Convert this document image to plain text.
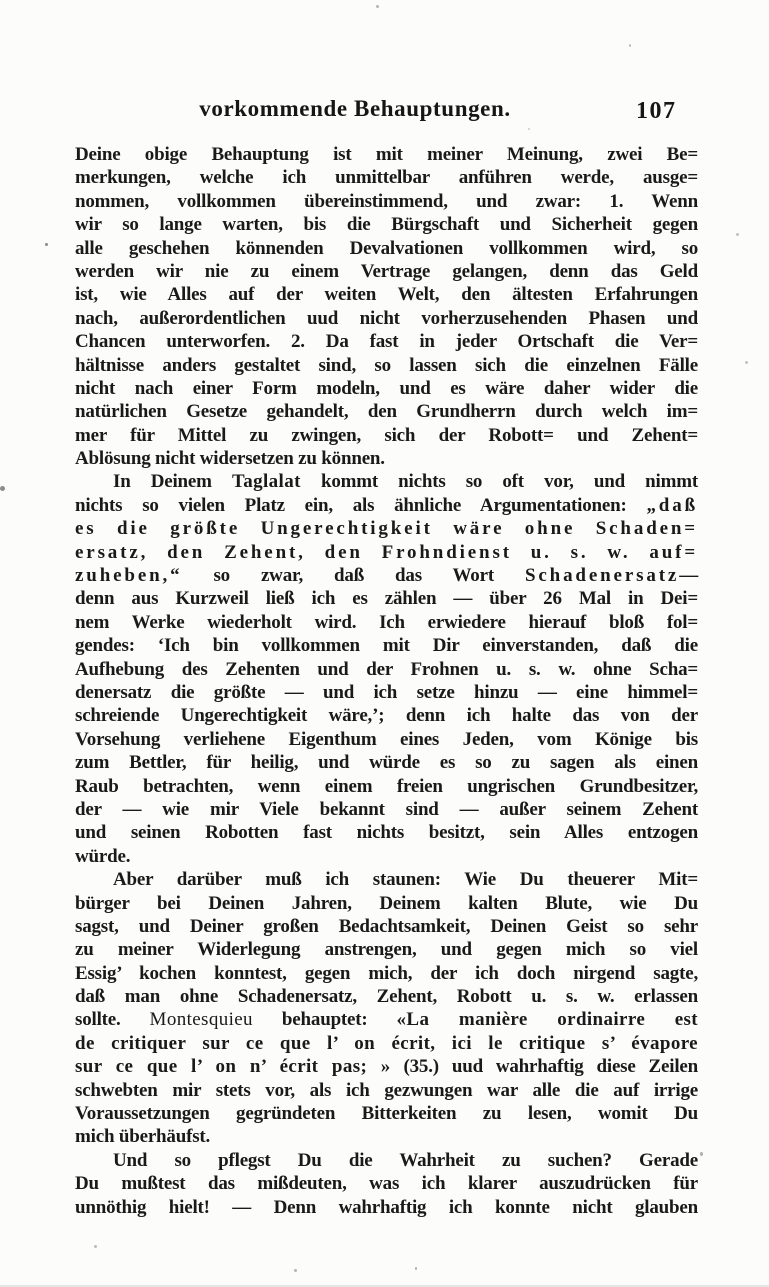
vorkommende Behauptungen.	107
Deine obige Behauptung ist mit meiner Meinung, zwei Be=
merkungen, welche ich unmittelbar anführen werde, ausge=
nommen, vollkommen übereinstimmend, und zwar: 1. Wenn
wir so lange warten, bis die Bürgschaft und Sicherheit gegen
alle geschehen könnenden Devalvationen vollkommen wird, so
werden wir nie zu einem Vertrage gelangen, denn das Geld
ist, wie Alles auf der weiten Welt, den ältesten Erfahrungen
nach, außerordentlichen uud nicht vorherzusehenden Phasen und
Chancen unterworfen. 2. Da fast in jeder Ortschaft die Ver=
hältnisse anders gestaltet sind, so lassen sich die einzelnen Fälle
nicht nach einer Form modeln, und es wäre daher wider die
natürlichen Gesetze gehandelt, den Grundherrn durch welch im=
mer für Mittel zu zwingen, sich der Robott= und Zehent=
Ablösung nicht widersetzen zu können.
In Deinem Taglalat kommt nichts so oft vor, und nimmt
nichts so vielen Platz ein, als ähnliche Argumentationen: „daß
es die größte Ungerechtigkeit wäre ohne Schaden=
ersatz, den Zehent, den Frohndienst u. s. w. auf=
zuheben,“ so zwar, daß das Wort Schadenersatz—
denn aus Kurzweil ließ ich es zählen — über 26 Mal in Dei=
nem Werke wiederholt wird. Ich erwiedere hierauf bloß fol=
gendes: ‘Ich bin vollkommen mit Dir einverstanden, daß die
Aufhebung des Zehenten und der Frohnen u. s. w. ohne Scha=
denersatz die größte — und ich setze hinzu — eine himmel=
schreiende Ungerechtigkeit wäre,’; denn ich halte das von der
Vorsehung verliehene Eigenthum eines Jeden, vom Könige bis
zum Bettler, für heilig, und würde es so zu sagen als einen
Raub betrachten, wenn einem freien ungrischen Grundbesitzer,
der — wie mir Viele bekannt sind — außer seinem Zehent
und seinen Robotten fast nichts besitzt, sein Alles entzogen
würde.
Aber darüber muß ich staunen: Wie Du theuerer Mit=
bürger bei Deinen Jahren, Deinem kalten Blute, wie Du
sagst, und Deiner großen Bedachtsamkeit, Deinen Geist so sehr
zu meiner Widerlegung anstrengen, und gegen mich so viel
Essig’ kochen konntest, gegen mich, der ich doch nirgend sagte,
daß man ohne Schadenersatz, Zehent, Robott u. s. w. erlassen
sollte. Montesquieu behauptet: «La manière ordinairre est
de critiquer sur ce que l’ on écrit, ici le critique s’ évapore
sur ce que l’ on n’ écrit pas; » (35.) uud wahrhaftig diese Zeilen
schwebten mir stets vor, als ich gezwungen war alle die auf irrige
Voraussetzungen gegründeten Bitterkeiten zu lesen, womit Du
mich überhäufst.
Und so pflegst Du die Wahrheit zu suchen? Gerade
Du mußtest das mißdeuten, was ich klarer auszudrücken für
unnöthig hielt! — Denn wahrhaftig ich konnte nicht glauben
